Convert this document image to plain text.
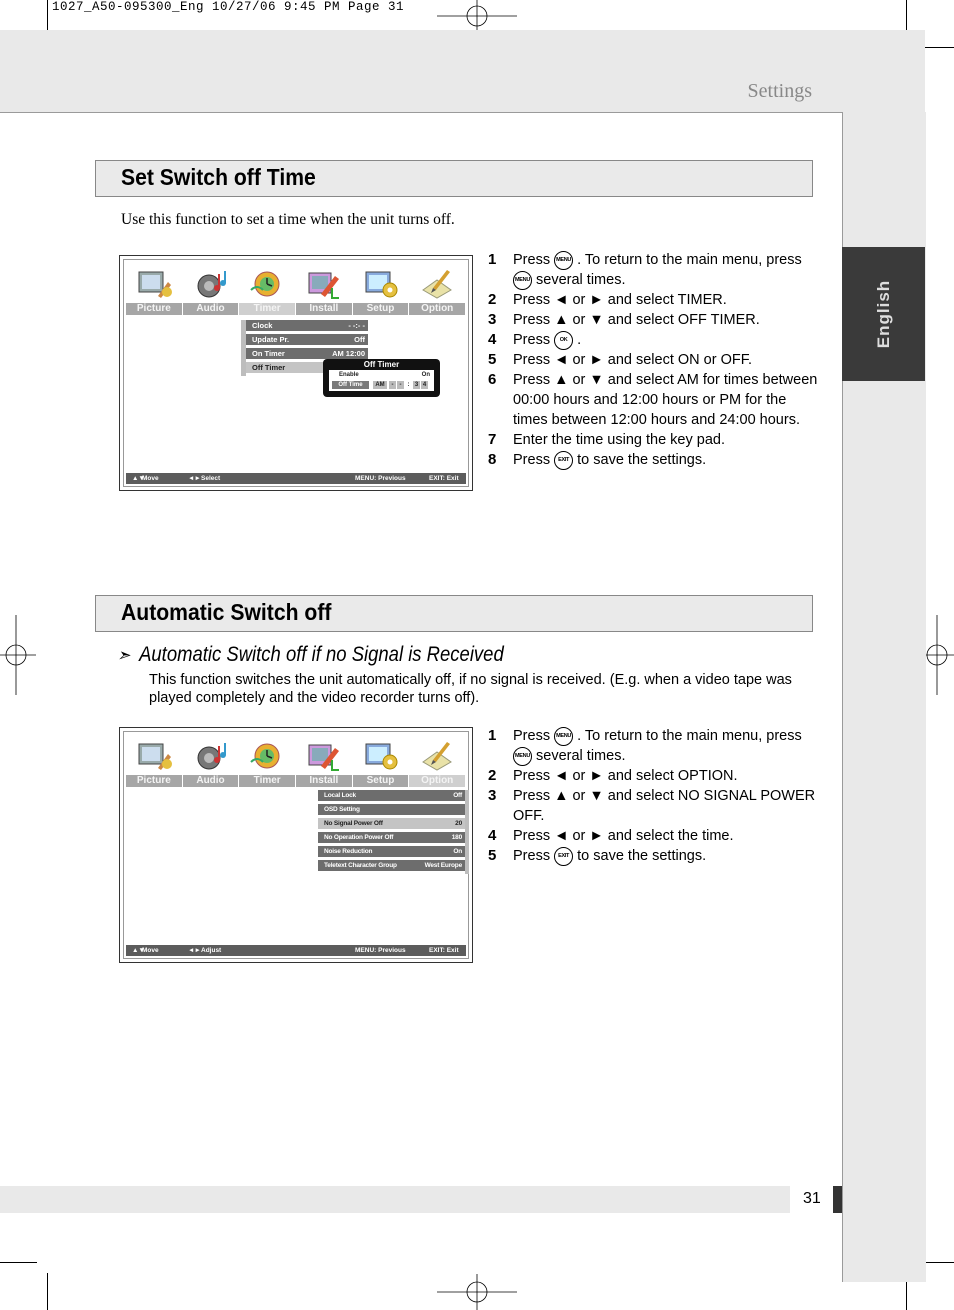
1027_A50-095300_Eng 10/27/06 9:45 PM Page 31
Settings
English
31
Set Switch off Time
Use this function to set a time when the unit turns off.
Picture	Audio	Timer	Install	Setup	Option
Clock	- -:- -
Update Pr.	Off
On Timer	AM 12:00
Off Timer	Off Timer
Enable	On
Off Time	AM	- - : 3 4
▲▼
Move	◄► Select	MENU: Previous	EXIT: Exit
1 Press MENU . To return to the main menu, press MENU several times.
2 Press ◄ or ► and select TIMER.
3 Press ▲ or ▼ and select OFF TIMER.
4 Press OK .
5 Press ◄ or ► and select ON or OFF.
6 Press ▲ or ▼ and select AM for times between 00:00 hours and 12:00 hours or PM for the times between 12:00 hours and 24:00 hours.
7 Enter the time using the key pad.
8 Press EXIT to save the settings.
Automatic Switch off
➣ Automatic Switch off if no Signal is Received
This function switches the unit automatically off, if no signal is received. (E.g. when a video tape was played completely and the video recorder turns off).
Picture	Audio	Timer	Install	Setup	Option
Local Lock	Off
OSD Setting
No Signal Power Off	20
No Operation Power Off	180
Noise Reduction	On
Teletext Character Group	West Europe
▲▼
Move	◄► Adjust	MENU: Previous	EXIT: Exit
1 Press MENU . To return to the main menu, press MENU several times.
2 Press ◄ or ► and select OPTION.
3 Press ▲ or ▼ and select NO SIGNAL POWER OFF.
4 Press ◄ or ► and select the time.
5 Press EXIT to save the settings.
